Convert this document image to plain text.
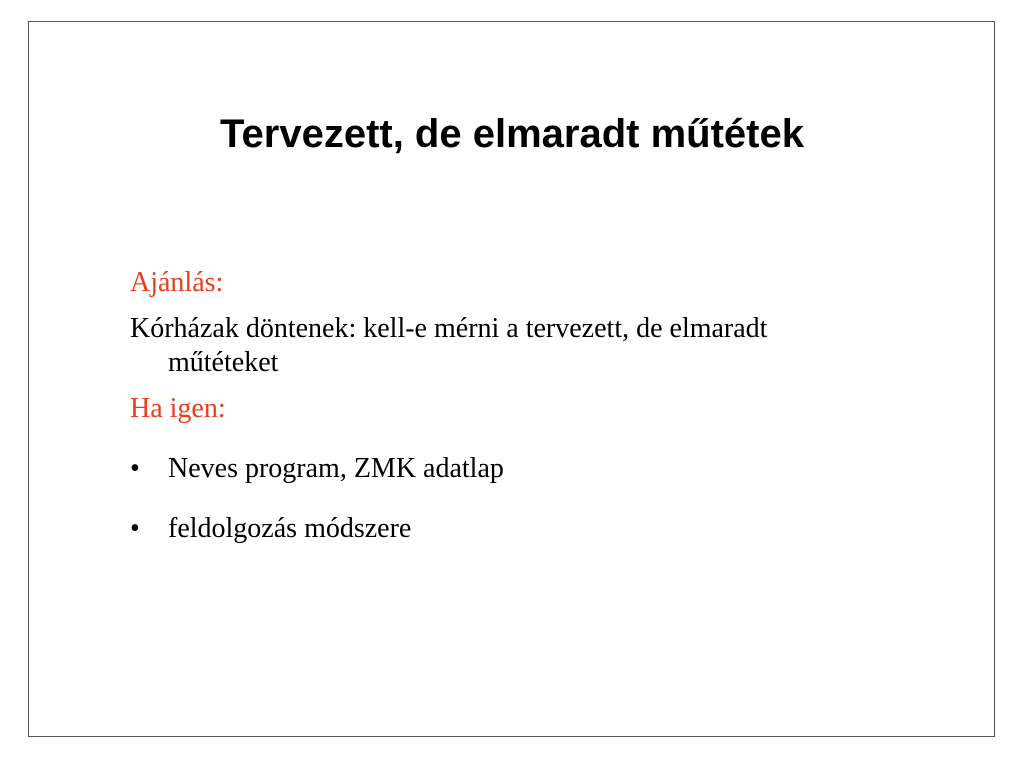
Tervezett, de elmaradt műtétek

Ajánlás:

Kórházak döntenek: kell-e mérni a tervezett, de elmaradt műtéteket

Ha igen:

•	Neves program, ZMK adatlap
•	feldolgozás módszere
